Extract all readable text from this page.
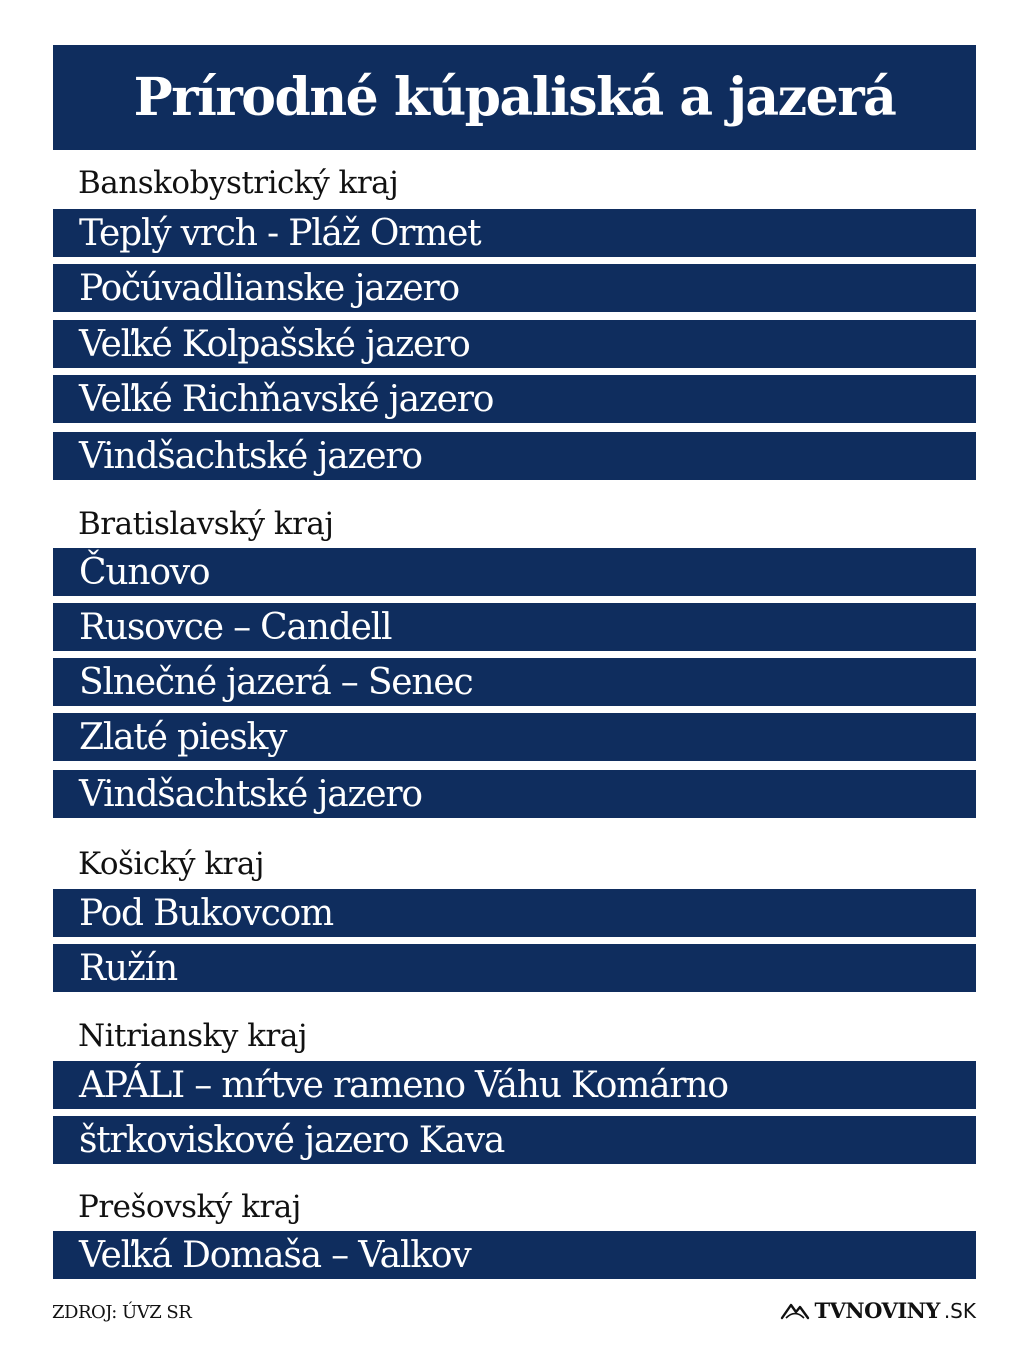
Prírodné kúpaliská a jazerá
Banskobystrický kraj
Teplý vrch - Pláž Ormet
Počúvadlianske jazero
Veľké Kolpašské jazero
Veľké Richňavské jazero
Vindšachtské jazero
Bratislavský kraj
Čunovo
Rusovce – Candell
Slnečné jazerá – Senec
Zlaté piesky
Vindšachtské jazero
Košický kraj
Pod Bukovcom
Ružín
Nitriansky kraj
APÁLI – mŕtve rameno Váhu Komárno
štrkoviskové jazero Kava
Prešovský kraj
Veľká Domaša – Valkov
ZDROJ: ÚVZ SR	TVNOVINY .SK
